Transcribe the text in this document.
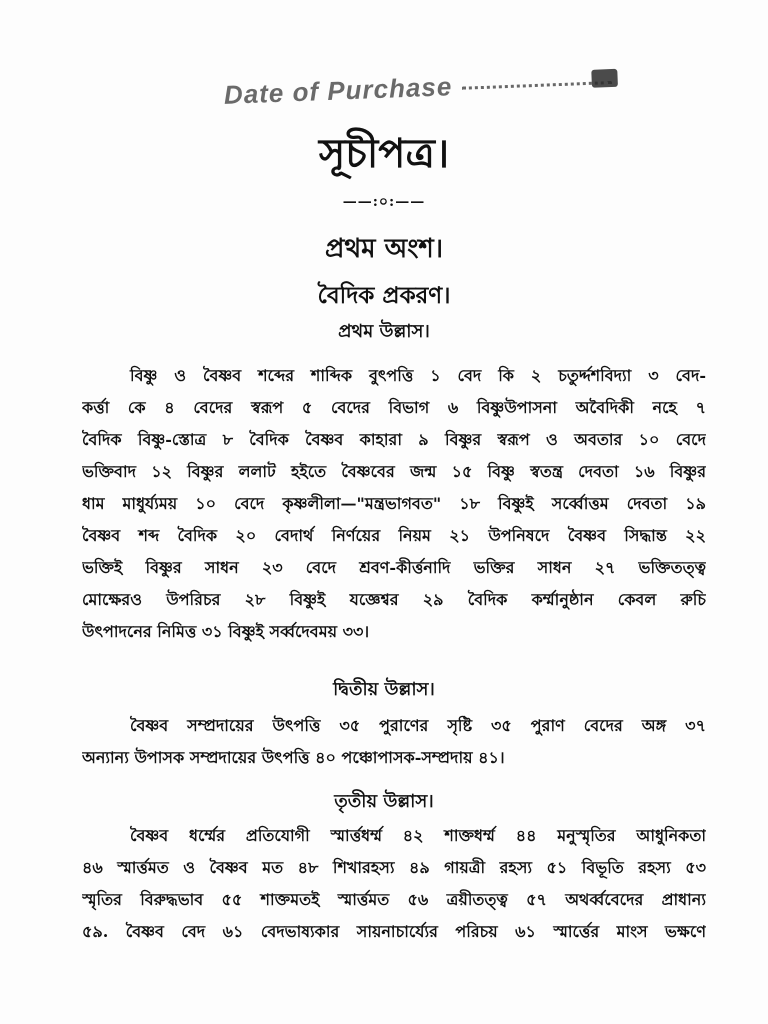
Date of Purchase
সূচীপত্র।
——:০:——
প্রথম অংশ।
বৈদিক প্রকরণ।
প্রথম উল্লাস।
বিষ্ণু ও বৈষ্ণব শব্দের শাব্দিক বুৎপত্তি ১ বেদ কি ২ চতুর্দ্দশবিদ্যা ৩ বেদ-
কর্ত্তা কে ৪ বেদের স্বরূপ ৫ বেদের বিভাগ ৬ বিষ্ণুউপাসনা অবৈদিকী নহে ৭
বৈদিক বিষ্ণু-স্তোত্র ৮ বৈদিক বৈষ্ণব কাহারা ৯ বিষ্ণুর স্বরূপ ও অবতার ১০ বেদে
ভক্তিবাদ ১২ বিষ্ণুর ললাট হইতে বৈষ্ণবের জন্ম ১৫ বিষ্ণু স্বতন্ত্র দেবতা ১৬ বিষ্ণুর
ধাম মাধুর্য্যময় ১০ বেদে কৃষ্ণলীলা—"মন্ত্রভাগবত" ১৮ বিষ্ণুই সর্ব্বোত্তম দেবতা ১৯
বৈষ্ণব শব্দ বৈদিক ২০ বেদার্থ নির্ণয়ের নিয়ম ২১ উপনিষদে বৈষ্ণব সিদ্ধান্ত ২২
ভক্তিই বিষ্ণুর সাধন ২৩ বেদে শ্রবণ-কীর্ত্তনাদি ভক্তির সাধন ২৭ ভক্তিতত্ত্ব
মোক্ষেরও উপরিচর ২৮ বিষ্ণুই যজ্ঞেশ্বর ২৯ বৈদিক কর্ম্মানুষ্ঠান কেবল রুচি
উৎপাদনের নিমিত্ত ৩১ বিষ্ণুই সর্ব্বদেবময় ৩৩।
দ্বিতীয় উল্লাস।
বৈষ্ণব সম্প্রদায়ের উৎপত্তি ৩৫ পুরাণের সৃষ্টি ৩৫ পুরাণ বেদের অঙ্গ ৩৭
অন্যান্য উপাসক সম্প্রদায়ের উৎপত্তি ৪০ পঞ্চোপাসক-সম্প্রদায় ৪১।
তৃতীয় উল্লাস।
বৈষ্ণব ধর্ম্মের প্রতিযোগী স্মার্ত্তধর্ম্ম ৪২ শাক্তধর্ম্ম ৪৪ মনুস্মৃতির আধুনিকতা
৪৬ স্মার্ত্তমত ও বৈষ্ণব মত ৪৮ শিখারহস্য ৪৯ গায়ত্রী রহস্য ৫১ বিভূতি রহস্য ৫৩
স্মৃতির বিরুদ্ধভাব ৫৫ শাক্তমতই স্মার্ত্তমত ৫৬ ত্রয়ীতত্ত্ব ৫৭ অথর্ব্ববেদের প্রাধান্য
৫৯. বৈষ্ণব বেদ ৬১ বেদভাষ্যকার সায়নাচার্য্যের পরিচয় ৬১ স্মার্ত্তের মাংস ভক্ষণে
